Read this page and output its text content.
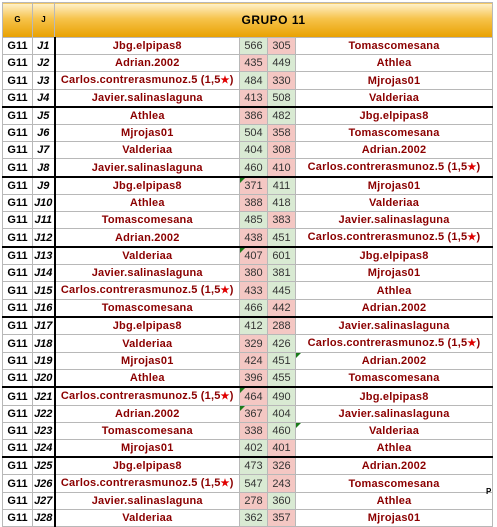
G	J	GRUPO 11			
G11	J1	Jbg.elpipas8	566	305	Tomascomesana
G11	J2	Adrian.2002	435	449	Athlea
G11	J3	Carlos.contrerasmunoz.5 (1,5★)	484	330	Mjrojas01
G11	J4	Javier.salinaslaguna	413	508	Valderiaa
G11	J5	Athlea	386	482	Jbg.elpipas8
G11	J6	Mjrojas01	504	358	Tomascomesana
G11	J7	Valderiaa	404	308	Adrian.2002
G11	J8	Javier.salinaslaguna	460	410	Carlos.contrerasmunoz.5 (1,5★)
G11	J9	Jbg.elpipas8	371	411	Mjrojas01
G11	J10	Athlea	388	418	Valderiaa
G11	J11	Tomascomesana	485	383	Javier.salinaslaguna
G11	J12	Adrian.2002	438	451	Carlos.contrerasmunoz.5 (1,5★)
G11	J13	Valderiaa	407	601	Jbg.elpipas8
G11	J14	Javier.salinaslaguna	380	381	Mjrojas01
G11	J15	Carlos.contrerasmunoz.5 (1,5★)	433	445	Athlea
G11	J16	Tomascomesana	466	442	Adrian.2002
G11	J17	Jbg.elpipas8	412	288	Javier.salinaslaguna
G11	J18	Valderiaa	329	426	Carlos.contrerasmunoz.5 (1,5★)
G11	J19	Mjrojas01	424	451	Adrian.2002
G11	J20	Athlea	396	455	Tomascomesana
G11	J21	Carlos.contrerasmunoz.5 (1,5★)	464	490	Jbg.elpipas8
G11	J22	Adrian.2002	367	404	Javier.salinaslaguna
G11	J23	Tomascomesana	338	460	Valderiaa
G11	J24	Mjrojas01	402	401	Athlea
G11	J25	Jbg.elpipas8	473	326	Adrian.2002
G11	J26	Carlos.contrerasmunoz.5 (1,5★)	547	243	Tomascomesana
G11	J27	Javier.salinaslaguna	278	360	Athlea
G11	J28	Valderiaa	362	357	Mjrojas01
P
